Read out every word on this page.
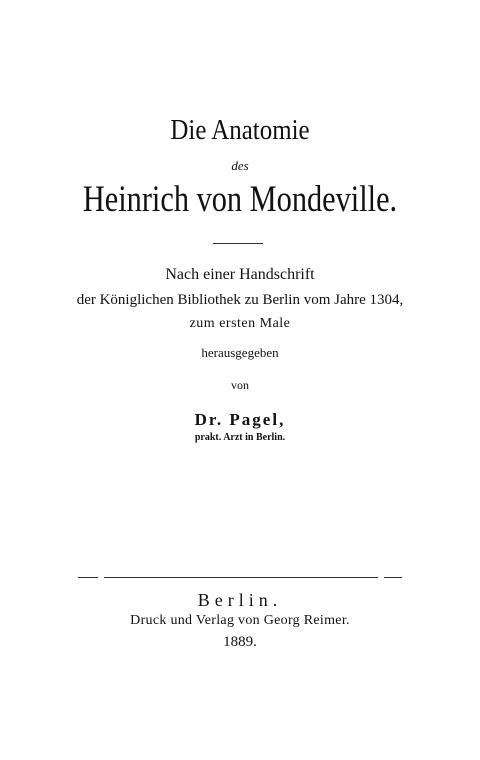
Die Anatomie
des
Heinrich von Mondeville.
Nach einer Handschrift
der Königlichen Bibliothek zu Berlin vom Jahre 1304,
zum ersten Male
herausgegeben
von
Dr. Pagel,
prakt. Arzt in Berlin.
Berlin.
Druck und Verlag von Georg Reimer.
1889.
